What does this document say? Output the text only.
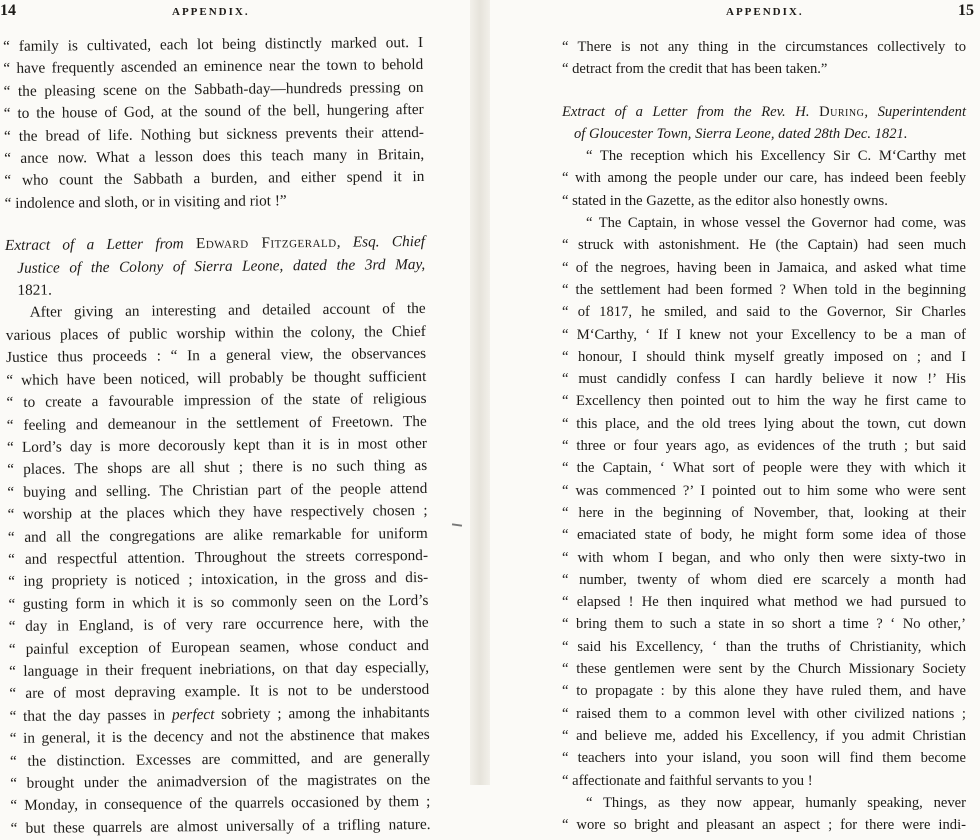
14	APPENDIX.
“ family is cultivated, each lot being distinctly marked out. I
“ have frequently ascended an eminence near the town to behold
“ the pleasing scene on the Sabbath-day—hundreds pressing on
“ to the house of God, at the sound of the bell, hungering after
“ the bread of life. Nothing but sickness prevents their attend-
“ ance now. What a lesson does this teach many in Britain,
“ who count the Sabbath a burden, and either spend it in
“ indolence and sloth, or in visiting and riot !”
Extract of a Letter from Edward Fitzgerald, Esq. Chief
Justice of the Colony of Sierra Leone, dated the 3rd May,
1821.
After giving an interesting and detailed account of the
various places of public worship within the colony, the Chief
Justice thus proceeds : “ In a general view, the observances
“ which have been noticed, will probably be thought sufficient
“ to create a favourable impression of the state of religious
“ feeling and demeanour in the settlement of Freetown. The
“ Lord’s day is more decorously kept than it is in most other
“ places. The shops are all shut ; there is no such thing as
“ buying and selling. The Christian part of the people attend
“ worship at the places which they have respectively chosen ;
“ and all the congregations are alike remarkable for uniform
“ and respectful attention. Throughout the streets correspond-
“ ing propriety is noticed ; intoxication, in the gross and dis-
“ gusting form in which it is so commonly seen on the Lord’s
“ day in England, is of very rare occurrence here, with the
“ painful exception of European seamen, whose conduct and
“ language in their frequent inebriations, on that day especially,
“ are of most depraving example. It is not to be understood
“ that the day passes in perfect sobriety ; among the inhabitants
“ in general, it is the decency and not the abstinence that makes
“ the distinction. Excesses are committed, and are generally
“ brought under the animadversion of the magistrates on the
“ Monday, in consequence of the quarrels occasioned by them ;
“ but these quarrels are almost universally of a trifling nature.
APPENDIX.	15
“ There is not any thing in the circumstances collectively to
“ detract from the credit that has been taken.”
Extract of a Letter from the Rev. H. During, Superintendent
of Gloucester Town, Sierra Leone, dated 28th Dec. 1821.
“ The reception which his Excellency Sir C. M‘Carthy met
“ with among the people under our care, has indeed been feebly
“ stated in the Gazette, as the editor also honestly owns.
“ The Captain, in whose vessel the Governor had come, was
“ struck with astonishment. He (the Captain) had seen much
“ of the negroes, having been in Jamaica, and asked what time
“ the settlement had been formed ? When told in the beginning
“ of 1817, he smiled, and said to the Governor, Sir Charles
“ M‘Carthy, ‘ If I knew not your Excellency to be a man of
“ honour, I should think myself greatly imposed on ; and I
“ must candidly confess I can hardly believe it now !’ His
“ Excellency then pointed out to him the way he first came to
“ this place, and the old trees lying about the town, cut down
“ three or four years ago, as evidences of the truth ; but said
“ the Captain, ‘ What sort of people were they with which it
“ was commenced ?’ I pointed out to him some who were sent
“ here in the beginning of November, that, looking at their
“ emaciated state of body, he might form some idea of those
“ with whom I began, and who only then were sixty-two in
“ number, twenty of whom died ere scarcely a month had
“ elapsed ! He then inquired what method we had pursued to
“ bring them to such a state in so short a time ? ‘ No other,’
“ said his Excellency, ‘ than the truths of Christianity, which
“ these gentlemen were sent by the Church Missionary Society
“ to propagate : by this alone they have ruled them, and have
“ raised them to a common level with other civilized nations ;
“ and believe me, added his Excellency, if you admit Christian
“ teachers into your island, you soon will find them become
“ affectionate and faithful servants to you !
“ Things, as they now appear, humanly speaking, never
“ wore so bright and pleasant an aspect ; for there were indi-
